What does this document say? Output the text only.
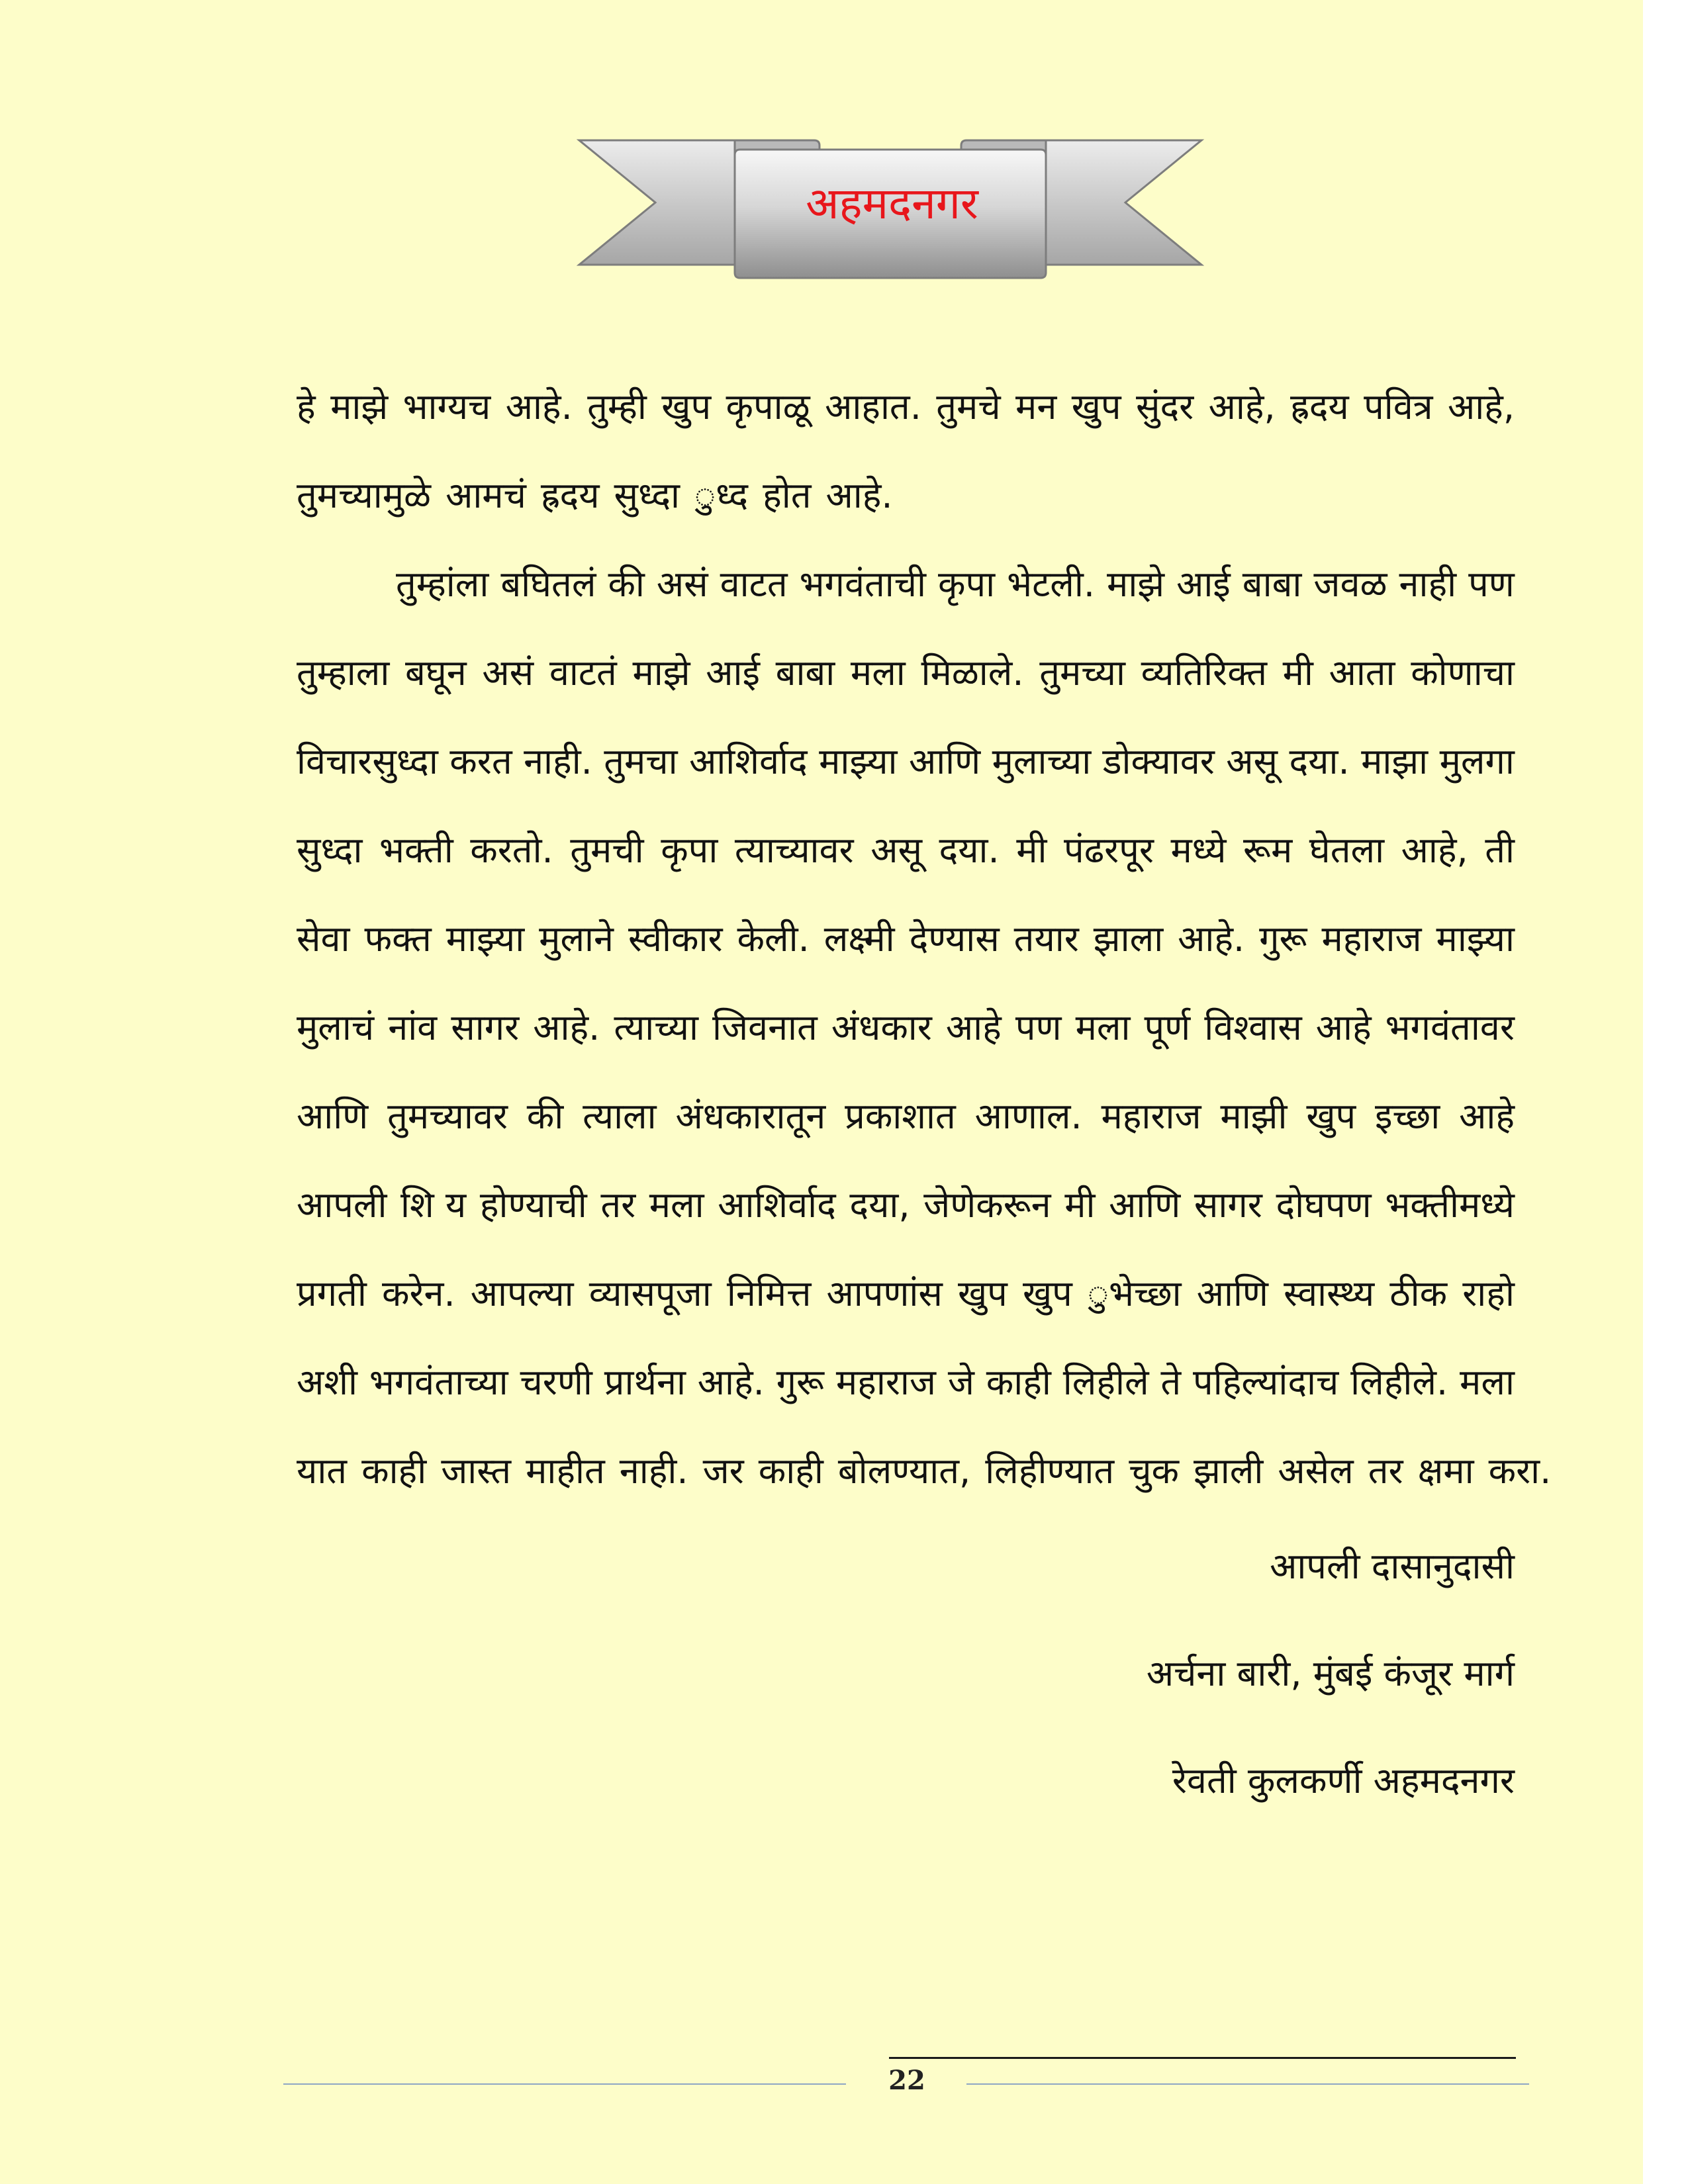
अहमदनगर
हे माझे भाग्यच आहे. तुम्ही खुप कृपाळू आहात. तुमचे मन खुप सुंदर आहे, ह्रदय पवित्र आहे,
तुमच्यामुळे आमचं ह्रदय सुध्दा ुध्द होत आहे.
तुम्हांला बघितलं की असं वाटत भगवंताची कृपा भेटली. माझे आई बाबा जवळ नाही पण
तुम्हाला बघून असं वाटतं माझे आई बाबा मला मिळाले. तुमच्या व्यतिरिक्त मी आता कोणाचा
विचारसुध्दा करत नाही. तुमचा आशिर्वाद माझ्या आणि मुलाच्या डोक्यावर असू दया. माझा मुलगा
सुध्दा भक्ती करतो. तुमची कृपा त्याच्यावर असू दया. मी पंढरपूर मध्ये रूम घेतला आहे, ती
सेवा फक्त माझ्या मुलाने स्वीकार केली. लक्ष्मी देण्यास तयार झाला आहे. गुरू महाराज माझ्या
मुलाचं नांव सागर आहे. त्याच्या जिवनात अंधकार आहे पण मला पूर्ण विश्वास आहे भगवंतावर
आणि तुमच्यावर की त्याला अंधकारातून प्रकाशात आणाल. महाराज माझी खुप इच्छा आहे
आपली शि य होण्याची तर मला आशिर्वाद दया, जेणेकरून मी आणि सागर दोघपण भक्तीमध्ये
प्रगती करेन. आपल्या व्यासपूजा निमित्त आपणांस खुप खुप ुभेच्छा आणि स्वास्थ्य ठीक राहो
अशी भगवंताच्या चरणी प्रार्थना आहे. गुरू महाराज जे काही लिहीले ते पहिल्यांदाच लिहीले. मला
यात काही जास्त माहीत नाही. जर काही बोलण्यात, लिहीण्यात चुक झाली असेल तर क्षमा करा.
आपली दासानुदासी
अर्चना बारी, मुंबई कंजूर मार्ग
रेवती कुलकर्णी अहमदनगर
22
